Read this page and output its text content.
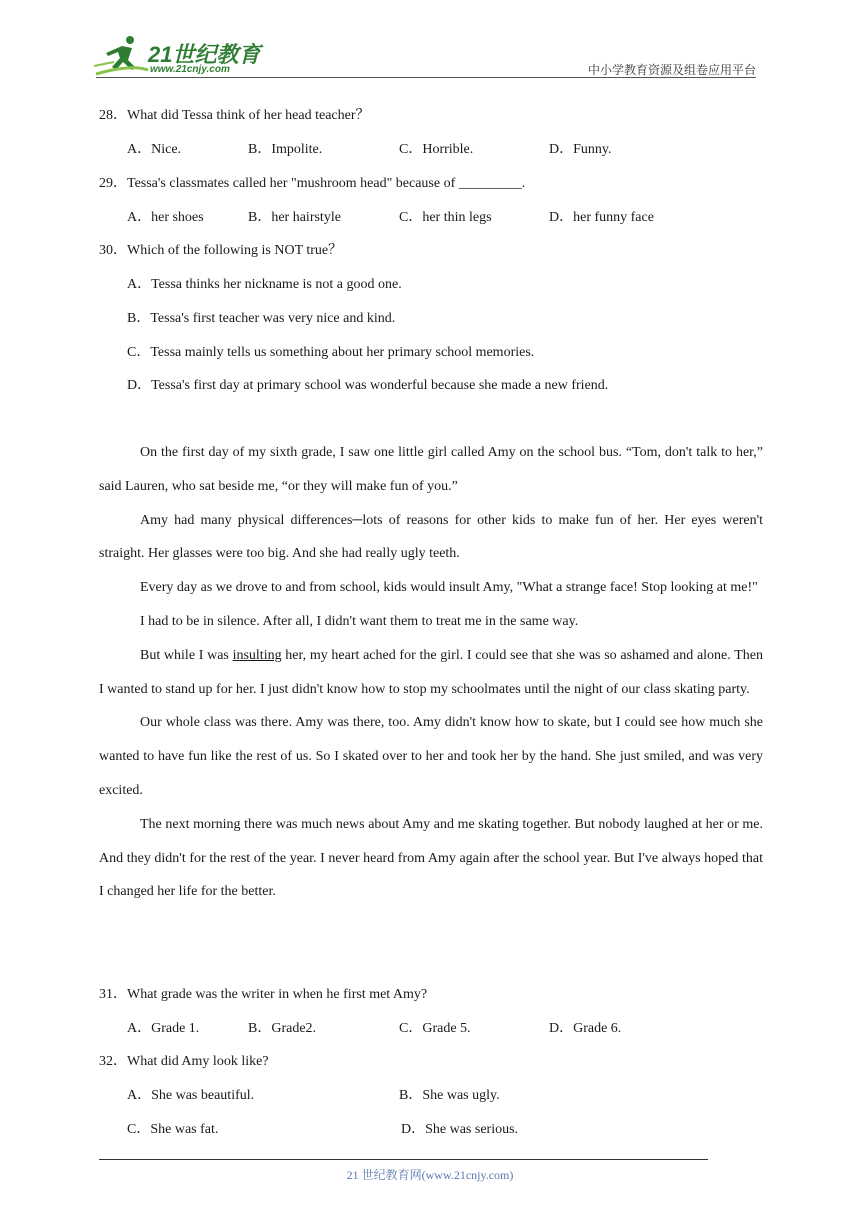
21世纪教育
www.21cnjy.com	中小学教育资源及组卷应用平台
28．What did Tessa think of her head teacher？
A．Nice.	B．Impolite.	C．Horrible.	D．Funny.
29．Tessa's classmates called her "mushroom head" because of _________.
A．her shoes	B．her hairstyle	C．her thin legs	D．her funny face
30．Which of the following is NOT true？
A．Tessa thinks her nickname is not a good one.
B．Tessa's first teacher was very nice and kind.
C．Tessa mainly tells us something about her primary school memories.
D．Tessa's first day at primary school was wonderful because she made a new friend.

On the first day of my sixth grade, I saw one little girl called Amy on the school bus. “Tom, don't talk to her,” said Lauren, who sat beside me, “or they will make fun of you.”

Amy had many physical differences─lots of reasons for other kids to make fun of her. Her eyes weren't straight. Her glasses were too big. And she had really ugly teeth.

Every day as we drove to and from school, kids would insult Amy, "What a strange face! Stop looking at me!"

I had to be in silence. After all, I didn't want them to treat me in the same way.

But while I was insulting her, my heart ached for the girl. I could see that she was so ashamed and alone. Then I wanted to stand up for her. I just didn't know how to stop my schoolmates until the night of our class skating party.

Our whole class was there. Amy was there, too. Amy didn't know how to skate, but I could see how much she wanted to have fun like the rest of us. So I skated over to her and took her by the hand. She just smiled, and was very excited.

The next morning there was much news about Amy and me skating together. But nobody laughed at her or me. And they didn't for the rest of the year. I never heard from Amy again after the school year. But I've always hoped that I changed her life for the better.

31．What grade was the writer in when he first met Amy?
A．Grade 1.	B．Grade2.	C．Grade 5.	D．Grade 6.
32．What did Amy look like?
A．She was beautiful.	B．She was ugly.
C．She was fat.	D．She was serious.
21 世纪教育网(www.21cnjy.com)
